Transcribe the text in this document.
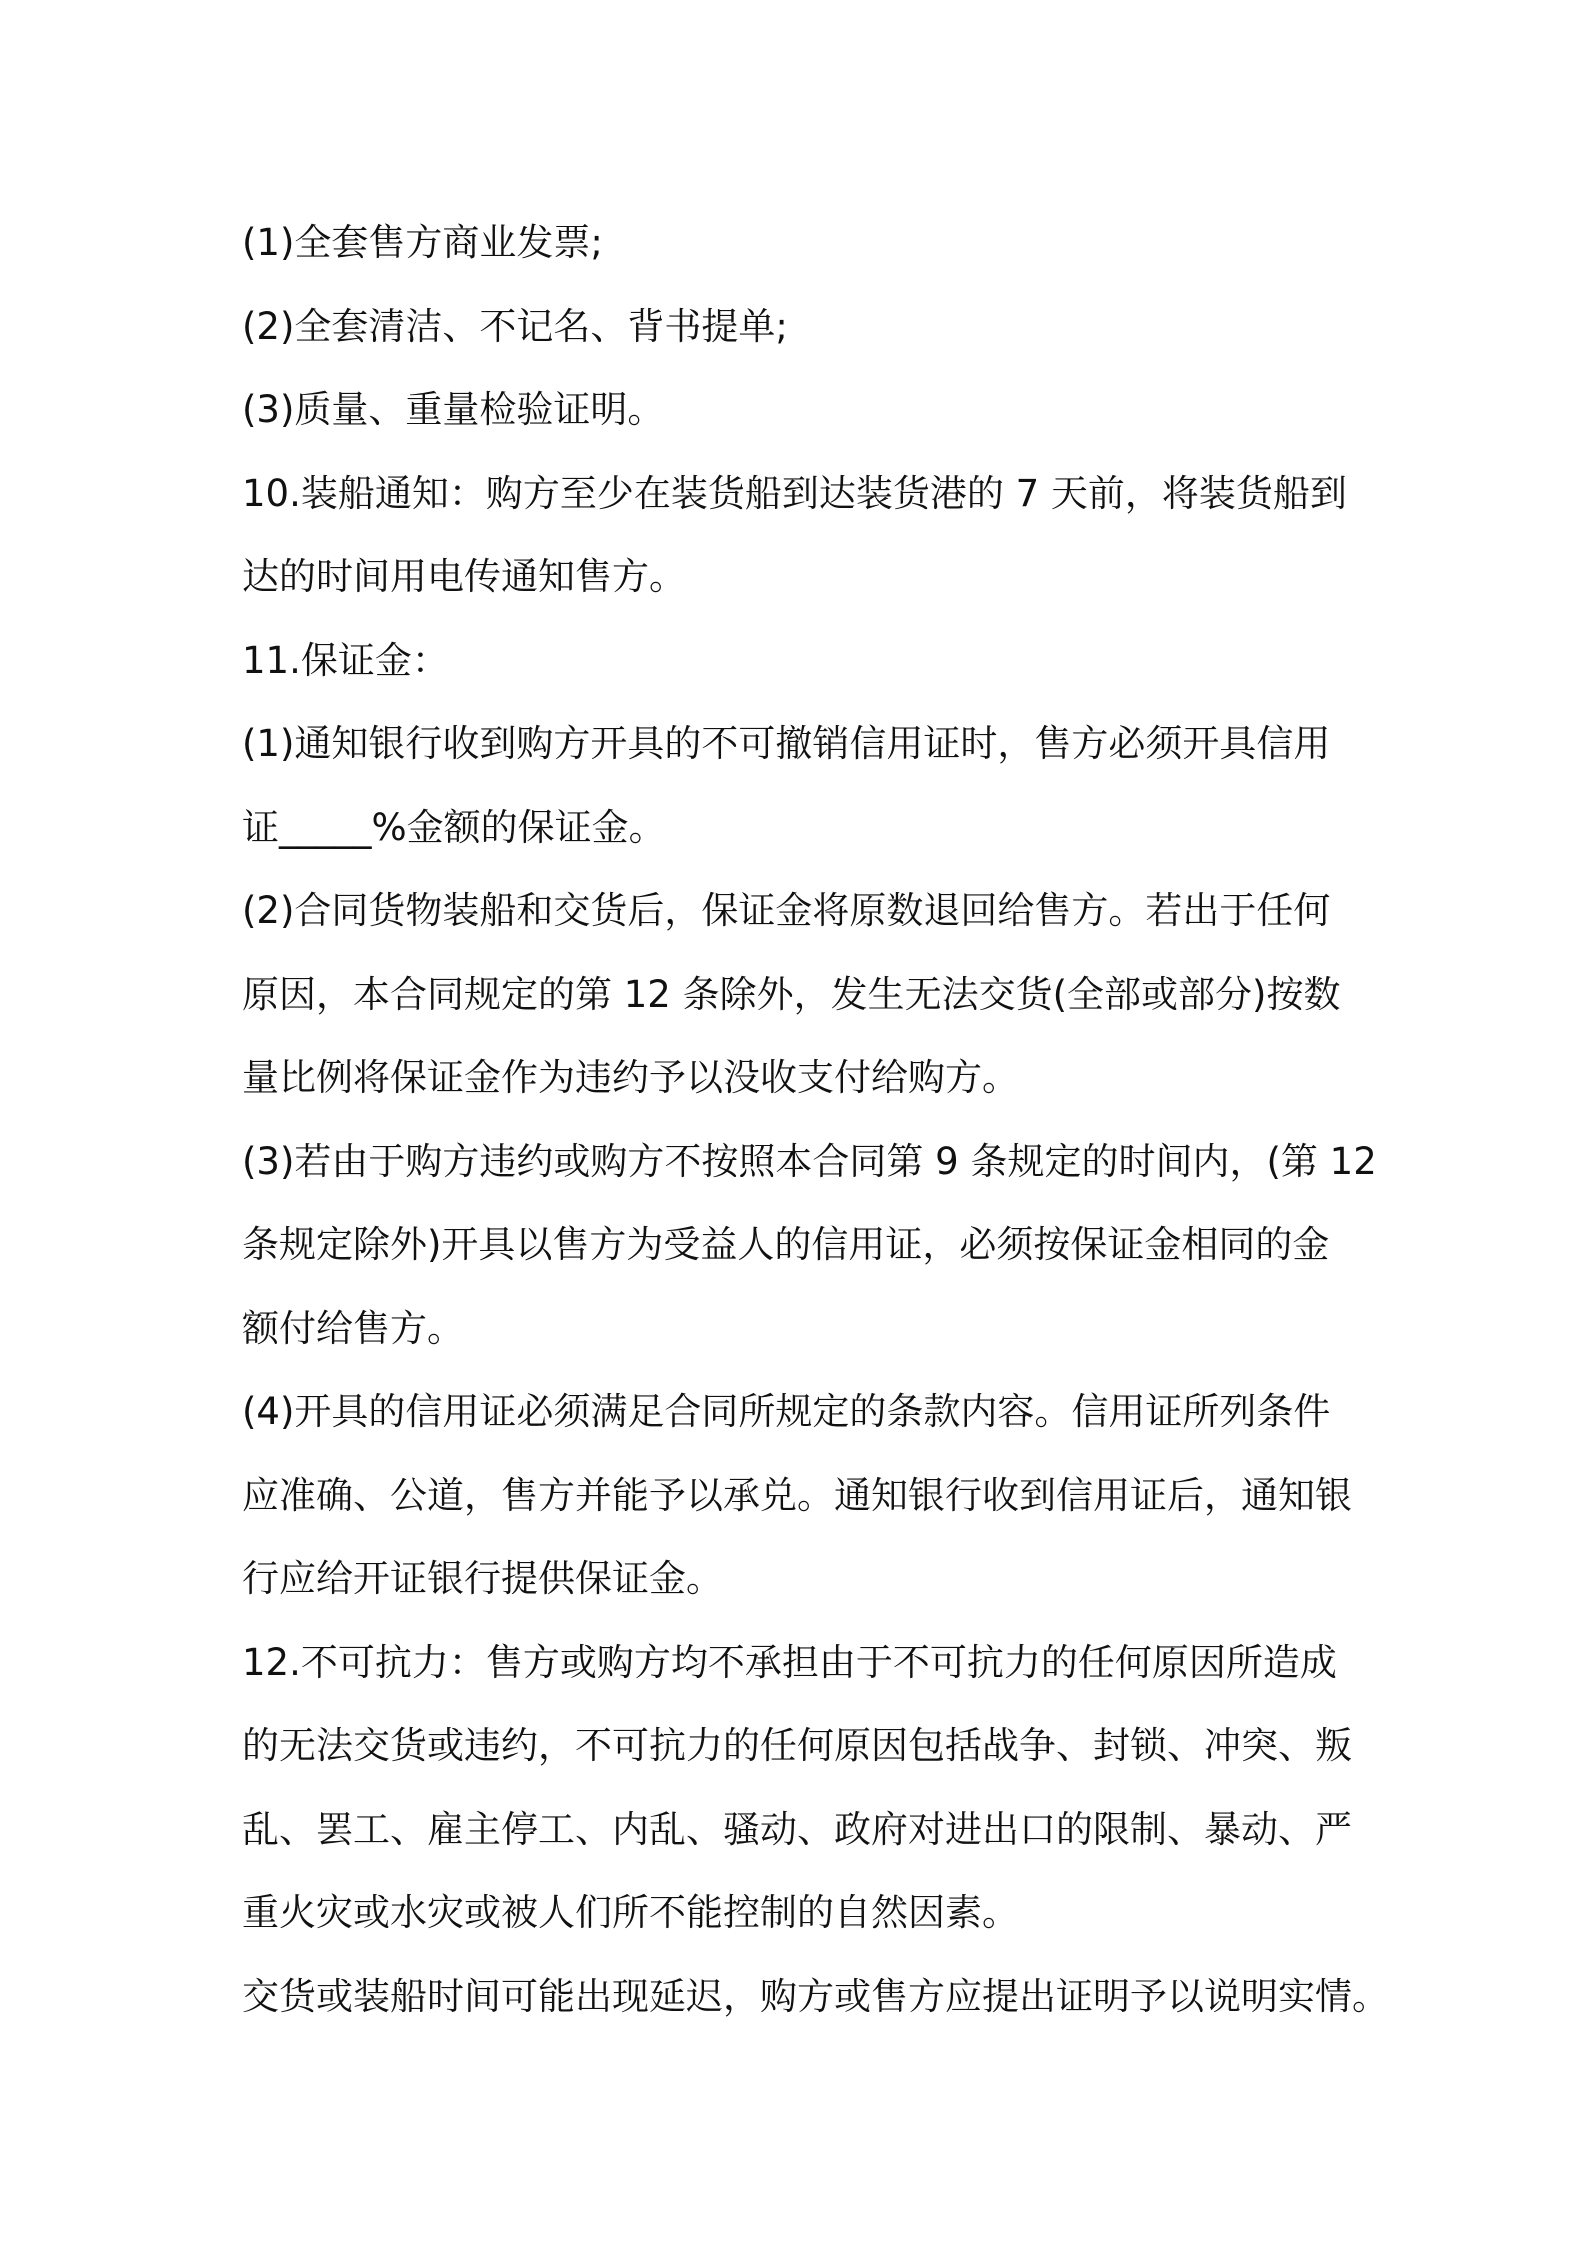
(1)全套售方商业发票;
(2)全套清洁、不记名、背书提单;
(3)质量、重量检验证明。
10.装船通知：购方至少在装货船到达装货港的 7 天前，将装货船到
达的时间用电传通知售方。
11.保证金：
(1)通知银行收到购方开具的不可撤销信用证时，售方必须开具信用
证_____%金额的保证金。
(2)合同货物装船和交货后，保证金将原数退回给售方。若出于任何
原因，本合同规定的第 12 条除外，发生无法交货(全部或部分)按数
量比例将保证金作为违约予以没收支付给购方。
(3)若由于购方违约或购方不按照本合同第 9 条规定的时间内，(第 12
条规定除外)开具以售方为受益人的信用证，必须按保证金相同的金
额付给售方。
(4)开具的信用证必须满足合同所规定的条款内容。信用证所列条件
应准确、公道，售方并能予以承兑。通知银行收到信用证后，通知银
行应给开证银行提供保证金。
12.不可抗力：售方或购方均不承担由于不可抗力的任何原因所造成
的无法交货或违约，不可抗力的任何原因包括战争、封锁、冲突、叛
乱、罢工、雇主停工、内乱、骚动、政府对进出口的限制、暴动、严
重火灾或水灾或被人们所不能控制的自然因素。
交货或装船时间可能出现延迟，购方或售方应提出证明予以说明实情。
